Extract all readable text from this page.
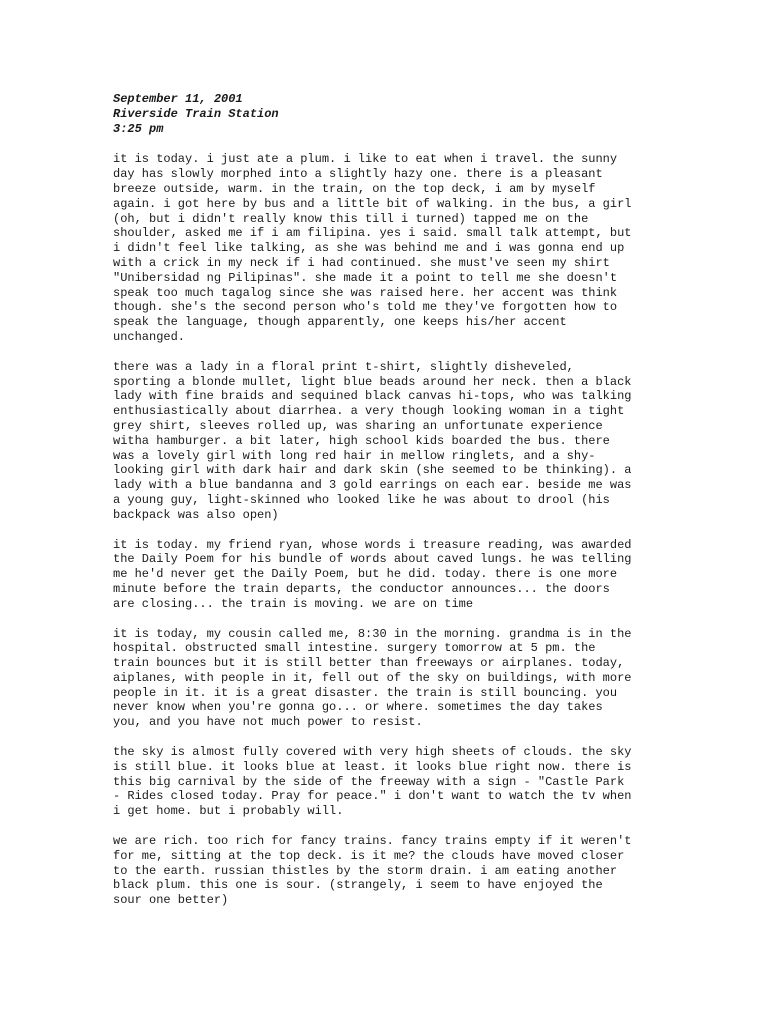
September 11, 2001
Riverside Train Station
3:25 pm

it is today. i just ate a plum. i like to eat when i travel. the sunny
day has slowly morphed into a slightly hazy one. there is a pleasant
breeze outside, warm. in the train, on the top deck, i am by myself
again. i got here by bus and a little bit of walking. in the bus, a girl
(oh, but i didn't really know this till i turned) tapped me on the
shoulder, asked me if i am filipina. yes i said. small talk attempt, but
i didn't feel like talking, as she was behind me and i was gonna end up
with a crick in my neck if i had continued. she must've seen my shirt
"Unibersidad ng Pilipinas". she made it a point to tell me she doesn't
speak too much tagalog since she was raised here. her accent was think
though. she's the second person who's told me they've forgotten how to
speak the language, though apparently, one keeps his/her accent
unchanged.

there was a lady in a floral print t-shirt, slightly disheveled,
sporting a blonde mullet, light blue beads around her neck. then a black
lady with fine braids and sequined black canvas hi-tops, who was talking
enthusiastically about diarrhea. a very though looking woman in a tight
grey shirt, sleeves rolled up, was sharing an unfortunate experience
witha hamburger. a bit later, high school kids boarded the bus. there
was a lovely girl with long red hair in mellow ringlets, and a shy-
looking girl with dark hair and dark skin (she seemed to be thinking). a
lady with a blue bandanna and 3 gold earrings on each ear. beside me was
a young guy, light-skinned who looked like he was about to drool (his
backpack was also open)

it is today. my friend ryan, whose words i treasure reading, was awarded
the Daily Poem for his bundle of words about caved lungs. he was telling
me he'd never get the Daily Poem, but he did. today. there is one more
minute before the train departs, the conductor announces... the doors
are closing... the train is moving. we are on time

it is today, my cousin called me, 8:30 in the morning. grandma is in the
hospital. obstructed small intestine. surgery tomorrow at 5 pm. the
train bounces but it is still better than freeways or airplanes. today,
aiplanes, with people in it, fell out of the sky on buildings, with more
people in it. it is a great disaster. the train is still bouncing. you
never know when you're gonna go... or where. sometimes the day takes
you, and you have not much power to resist.

the sky is almost fully covered with very high sheets of clouds. the sky
is still blue. it looks blue at least. it looks blue right now. there is
this big carnival by the side of the freeway with a sign - "Castle Park
- Rides closed today. Pray for peace." i don't want to watch the tv when
i get home. but i probably will.

we are rich. too rich for fancy trains. fancy trains empty if it weren't
for me, sitting at the top deck. is it me? the clouds have moved closer
to the earth. russian thistles by the storm drain. i am eating another
black plum. this one is sour. (strangely, i seem to have enjoyed the
sour one better)
